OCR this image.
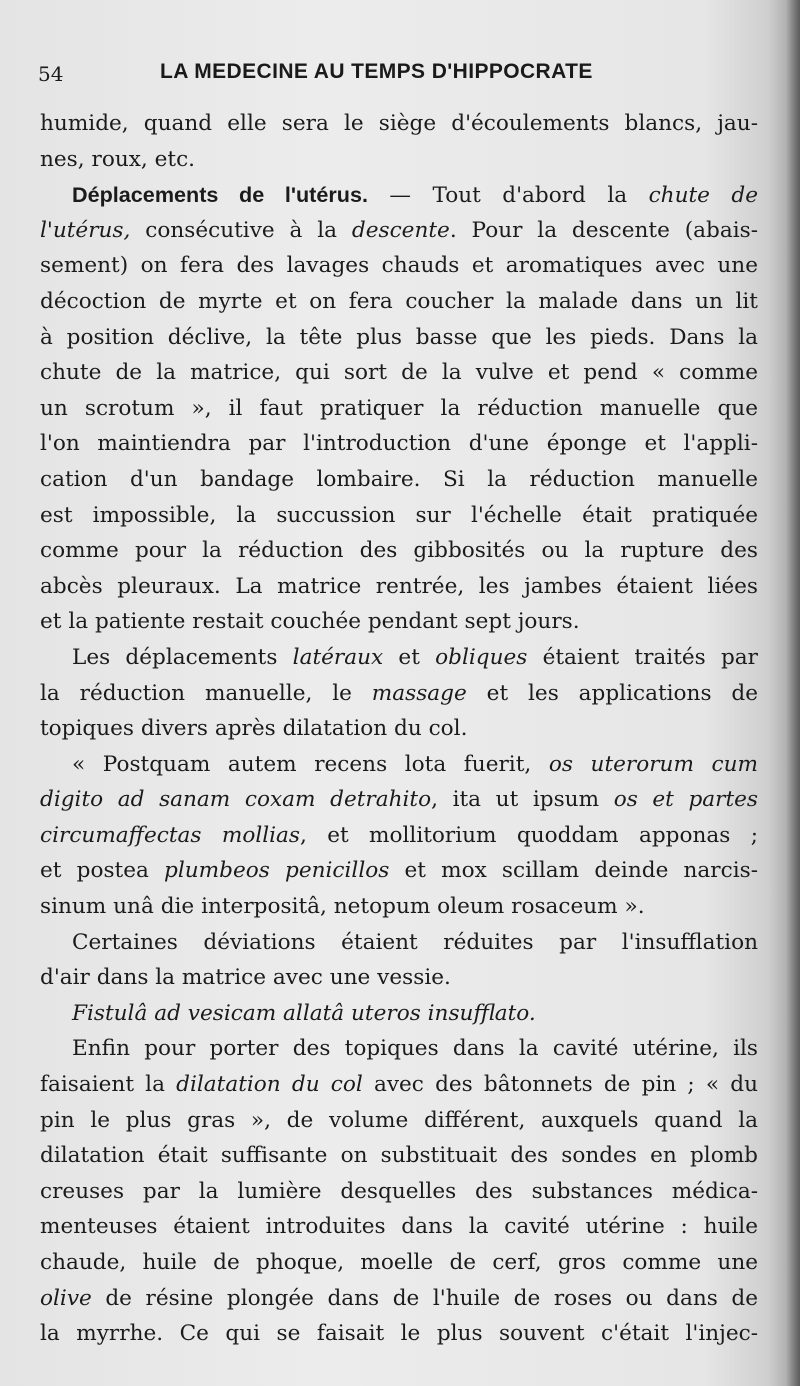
54	LA MEDECINE AU TEMPS D'HIPPOCRATE
humide, quand elle sera le siège d'écoulements blancs, jau-
nes, roux, etc.
Déplacements de l'utérus. — Tout d'abord la chute de
l'utérus, consécutive à la descente. Pour la descente (abais-
sement) on fera des lavages chauds et aromatiques avec une
décoction de myrte et on fera coucher la malade dans un lit
à position déclive, la tête plus basse que les pieds. Dans la
chute de la matrice, qui sort de la vulve et pend « comme
un scrotum », il faut pratiquer la réduction manuelle que
l'on maintiendra par l'introduction d'une éponge et l'appli-
cation d'un bandage lombaire. Si la réduction manuelle
est impossible, la succussion sur l'échelle était pratiquée
comme pour la réduction des gibbosités ou la rupture des
abcès pleuraux. La matrice rentrée, les jambes étaient liées
et la patiente restait couchée pendant sept jours.
Les déplacements latéraux et obliques étaient traités par
la réduction manuelle, le massage et les applications de
topiques divers après dilatation du col.
« Postquam autem recens lota fuerit, os uterorum cum
digito ad sanam coxam detrahito, ita ut ipsum os et partes
circumaffectas mollias, et mollitorium quoddam apponas ;
et postea plumbeos penicillos et mox scillam deinde narcis-
sinum unâ die interpositâ, netopum oleum rosaceum ».
Certaines déviations étaient réduites par l'insufflation
d'air dans la matrice avec une vessie.
Fistulâ ad vesicam allatâ uteros insufflato.
Enfin pour porter des topiques dans la cavité utérine, ils
faisaient la dilatation du col avec des bâtonnets de pin ; « du
pin le plus gras », de volume différent, auxquels quand la
dilatation était suffisante on substituait des sondes en plomb
creuses par la lumière desquelles des substances médica-
menteuses étaient introduites dans la cavité utérine : huile
chaude, huile de phoque, moelle de cerf, gros comme une
olive de résine plongée dans de l'huile de roses ou dans de
la myrrhe. Ce qui se faisait le plus souvent c'était l'injec-
